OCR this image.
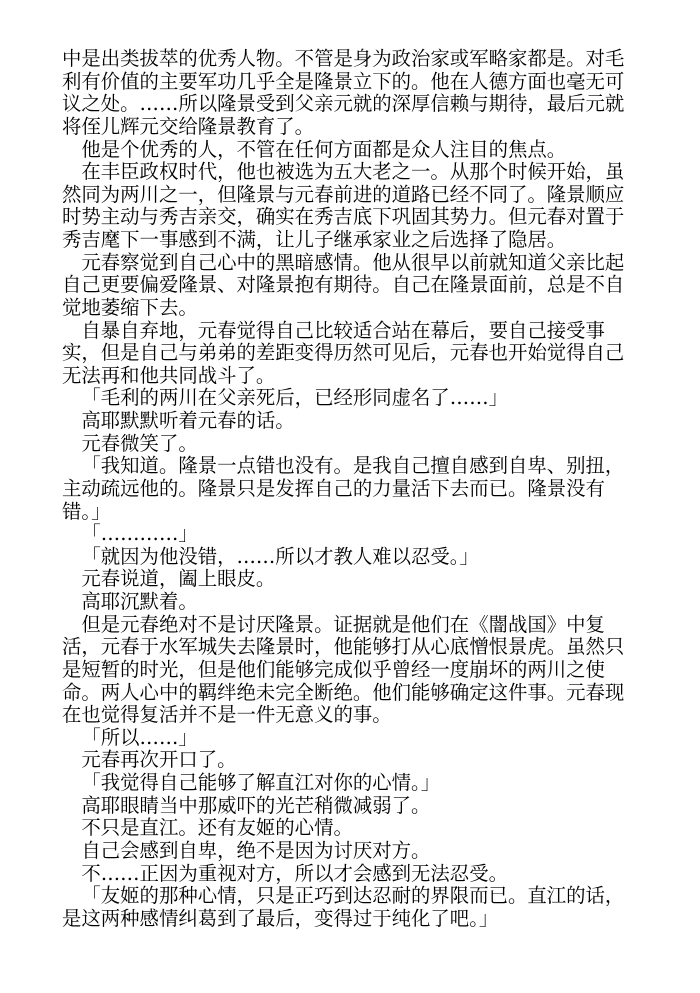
中是出类拔萃的优秀人物。不管是身为政治家或军略家都是。对毛
利有价值的主要军功几乎全是隆景立下的。他在人德方面也毫无可
议之处。……所以隆景受到父亲元就的深厚信赖与期待，最后元就
将侄儿辉元交给隆景教育了。
他是个优秀的人，不管在任何方面都是众人注目的焦点。
在丰臣政权时代，他也被选为五大老之一。从那个时候开始，虽
然同为两川之一，但隆景与元春前进的道路已经不同了。隆景顺应
时势主动与秀吉亲交，确实在秀吉底下巩固其势力。但元春对置于
秀吉麾下一事感到不满，让儿子继承家业之后选择了隐居。
元春察觉到自己心中的黑暗感情。他从很早以前就知道父亲比起
自己更要偏爱隆景、对隆景抱有期待。自己在隆景面前，总是不自
觉地萎缩下去。
自暴自弃地，元春觉得自己比较适合站在幕后，要自己接受事
实，但是自己与弟弟的差距变得历然可见后，元春也开始觉得自己
无法再和他共同战斗了。
「毛利的两川在父亲死后，已经形同虚名了……」
高耶默默听着元春的话。
元春微笑了。
「我知道。隆景一点错也没有。是我自己擅自感到自卑、别扭，
主动疏远他的。隆景只是发挥自己的力量活下去而已。隆景没有
错。」
「…………」
「就因为他没错，……所以才教人难以忍受。」
元春说道，阖上眼皮。
高耶沉默着。
但是元春绝对不是讨厌隆景。证据就是他们在《闇战国》中复
活，元春于水军城失去隆景时，他能够打从心底憎恨景虎。虽然只
是短暂的时光，但是他们能够完成似乎曾经一度崩坏的两川之使
命。两人心中的羁绊绝未完全断绝。他们能够确定这件事。元春现
在也觉得复活并不是一件无意义的事。
「所以……」
元春再次开口了。
「我觉得自己能够了解直江对你的心情。」
高耶眼睛当中那威吓的光芒稍微减弱了。
不只是直江。还有友姬的心情。
自己会感到自卑，绝不是因为讨厌对方。
不……正因为重视对方，所以才会感到无法忍受。
「友姬的那种心情，只是正巧到达忍耐的界限而已。直江的话，
是这两种感情纠葛到了最后，变得过于纯化了吧。」
